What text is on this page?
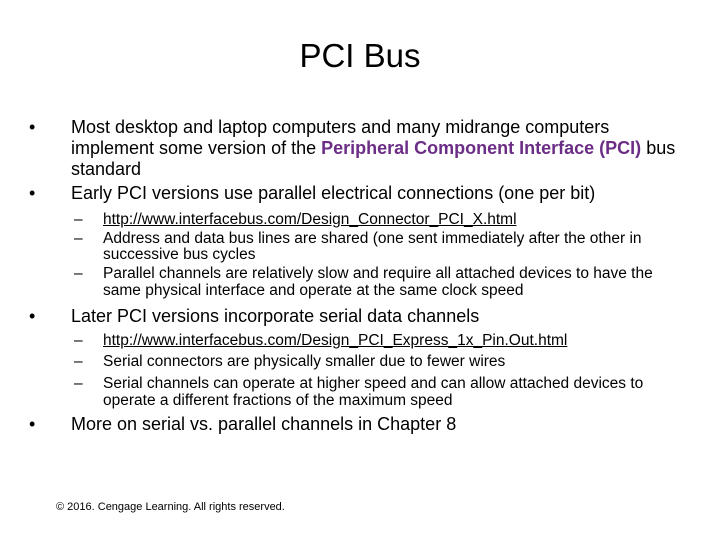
PCI Bus
•	Most desktop and laptop computers and many midrange computers implement some version of the Peripheral Component Interface (PCI) bus standard
•	Early PCI versions use parallel electrical connections (one per bit)
– http://www.interfacebus.com/Design_Connector_PCI_X.html
– Address and data bus lines are shared (one sent immediately after the other in successive bus cycles
– Parallel channels are relatively slow and require all attached devices to have the same physical interface and operate at the same clock speed
•	Later PCI versions incorporate serial data channels
– http://www.interfacebus.com/Design_PCI_Express_1x_Pin.Out.html
– Serial connectors are physically smaller due to fewer wires
– Serial channels can operate at higher speed and can allow attached devices to operate a different fractions of the maximum speed
•	More on serial vs. parallel channels in Chapter 8
© 2016. Cengage Learning. All rights reserved.
